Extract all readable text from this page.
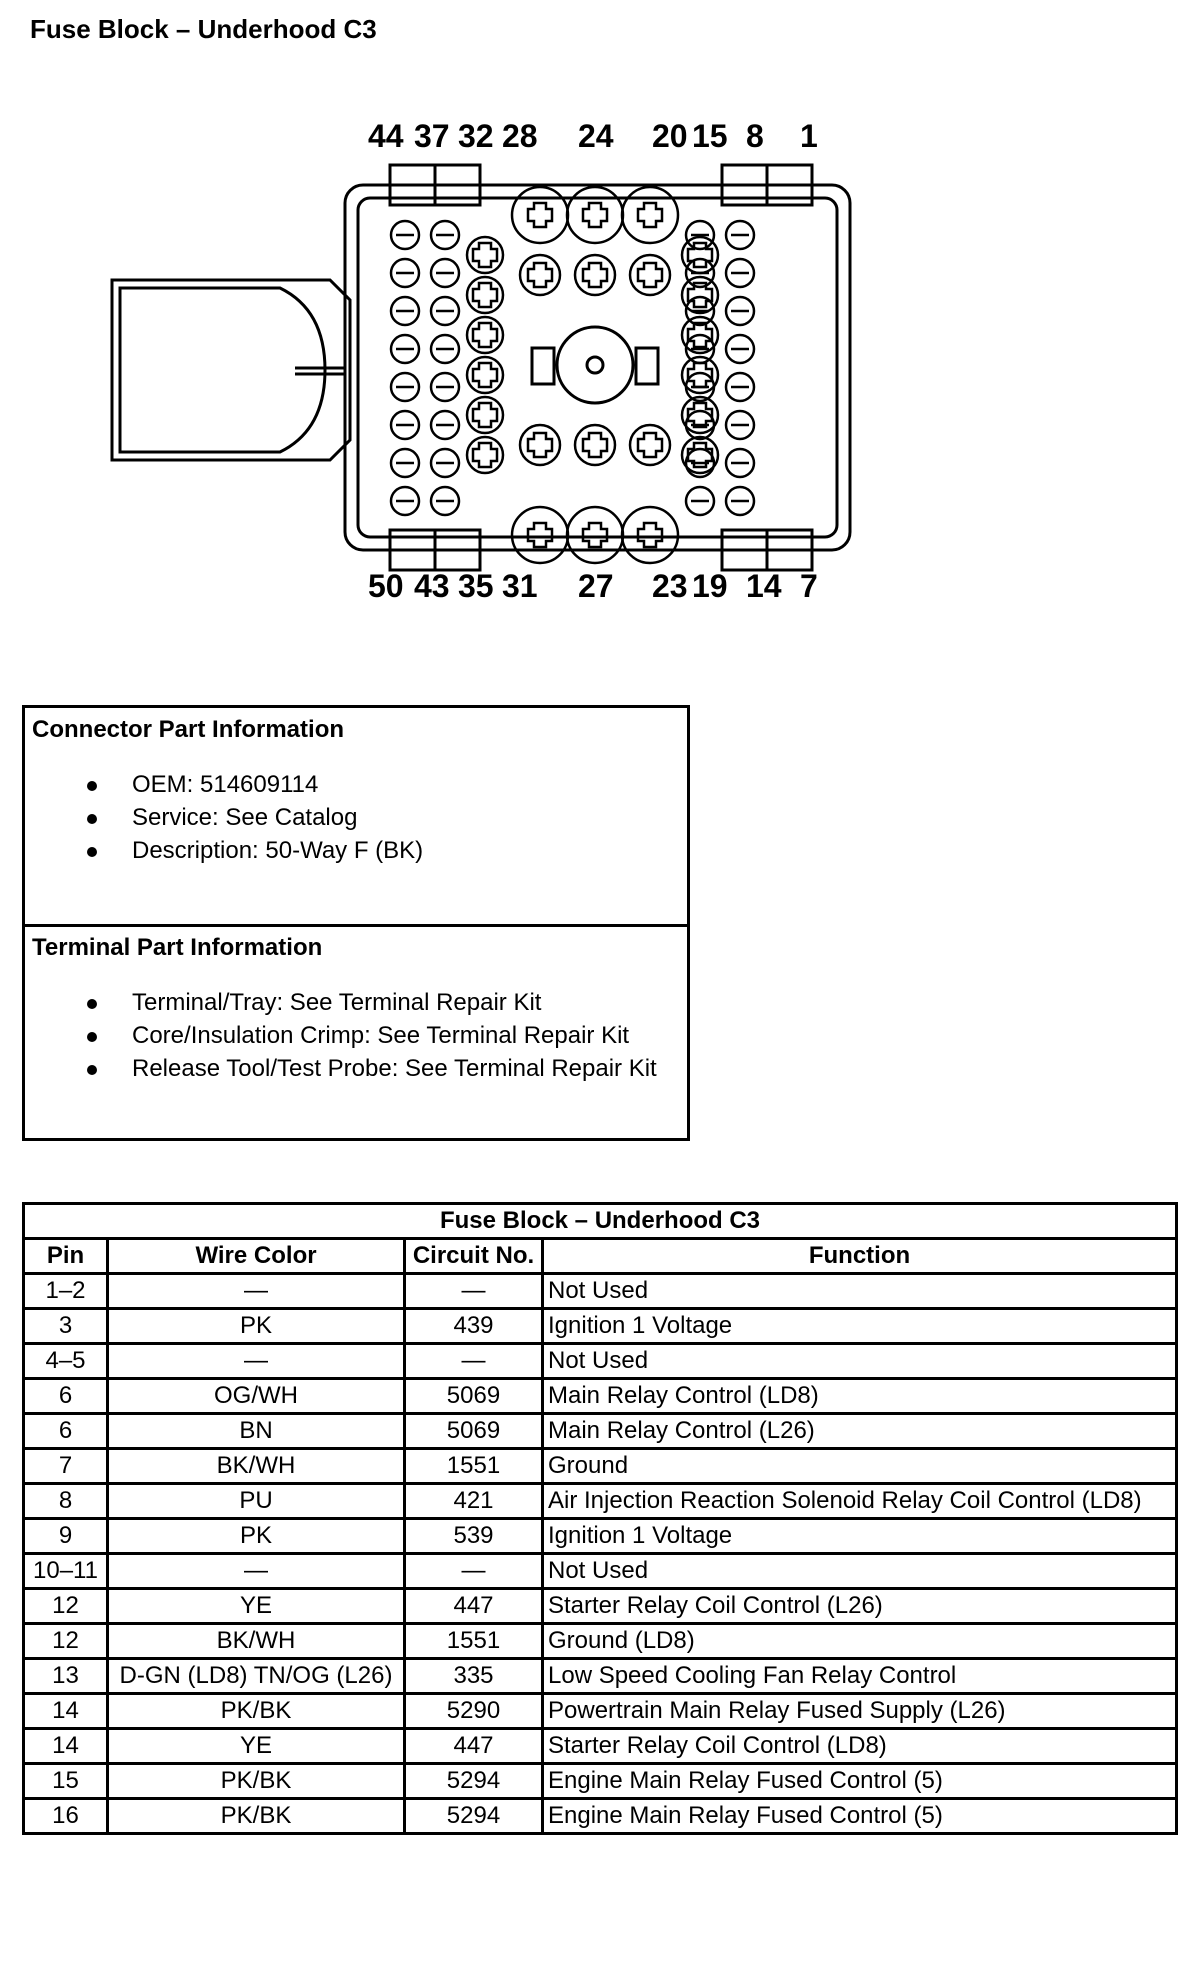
Fuse Block – Underhood C3
44 37 32 28 24 20 15 8 1
50 43 35 31 27 23 19 14 7
Connector Part Information
OEM: 514609114
Service: See Catalog
Description: 50-Way F (BK)
Terminal Part Information
Terminal/Tray: See Terminal Repair Kit
Core/Insulation Crimp: See Terminal Repair Kit
Release Tool/Test Probe: See Terminal Repair Kit
Fuse Block – Underhood C3			
Pin	Wire Color	Circuit No.	Function
1–2	—	—	Not Used
3	PK	439	Ignition 1 Voltage
4–5	—	—	Not Used
6	OG/WH	5069	Main Relay Control (LD8)
6	BN	5069	Main Relay Control (L26)
7	BK/WH	1551	Ground
8	PU	421	Air Injection Reaction Solenoid Relay Coil Control (LD8)
9	PK	539	Ignition 1 Voltage
10–11	—	—	Not Used
12	YE	447	Starter Relay Coil Control (L26)
12	BK/WH	1551	Ground (LD8)
13	D-GN (LD8) TN/OG (L26)	335	Low Speed Cooling Fan Relay Control
14	PK/BK	5290	Powertrain Main Relay Fused Supply (L26)
14	YE	447	Starter Relay Coil Control (LD8)
15	PK/BK	5294	Engine Main Relay Fused Control (5)
16	PK/BK	5294	Engine Main Relay Fused Control (5)
